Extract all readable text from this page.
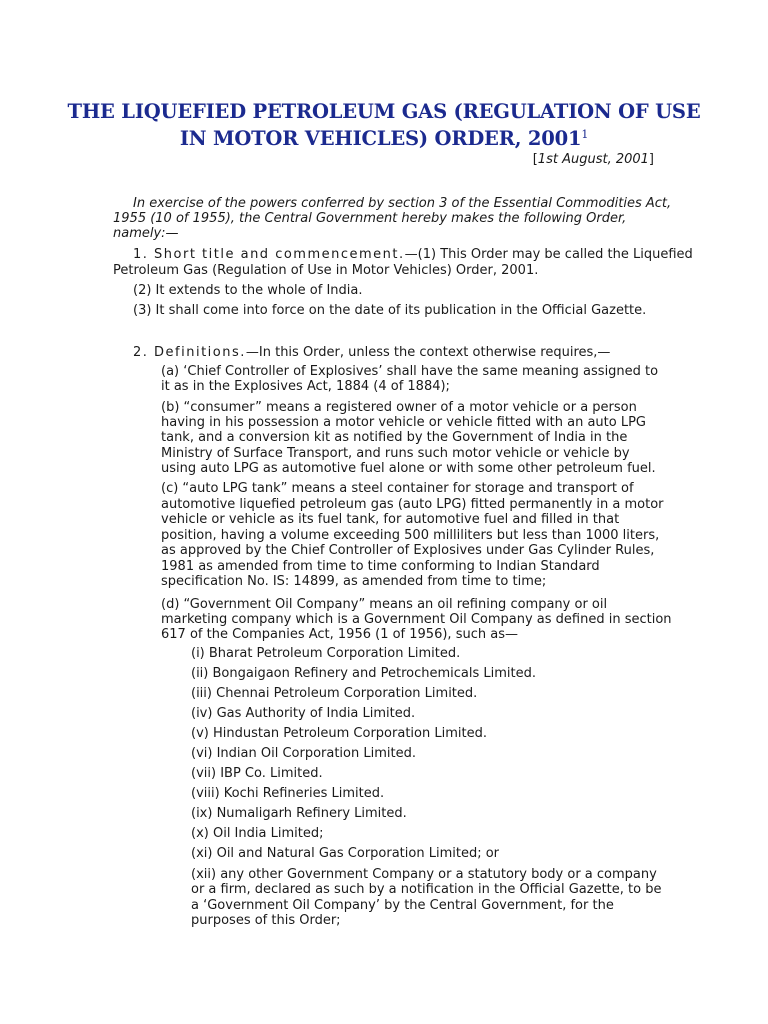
THE LIQUEFIED PETROLEUM GAS (REGULATION OF USE
IN MOTOR VEHICLES) ORDER, 2001$^1$
[1st August, 2001]
In exercise of the powers conferred by section 3 of the Essential Commodities Act,
1955 (10 of 1955), the Central Government hereby makes the following Order,
namely:—
1. Short title and commencement.—(1) This Order may be called the Liquefied
Petroleum Gas (Regulation of Use in Motor Vehicles) Order, 2001.
(2) It extends to the whole of India.
(3) It shall come into force on the date of its publication in the Official Gazette.
2. Definitions.—In this Order, unless the context otherwise requires,—
(a) ‘Chief Controller of Explosives’ shall have the same meaning assigned to
it as in the Explosives Act, 1884 (4 of 1884);
(b) “consumer” means a registered owner of a motor vehicle or a person
having in his possession a motor vehicle or vehicle fitted with an auto LPG
tank, and a conversion kit as notified by the Government of India in the
Ministry of Surface Transport, and runs such motor vehicle or vehicle by
using auto LPG as automotive fuel alone or with some other petroleum fuel.
(c) “auto LPG tank” means a steel container for storage and transport of
automotive liquefied petroleum gas (auto LPG) fitted permanently in a motor
vehicle or vehicle as its fuel tank, for automotive fuel and filled in that
position, having a volume exceeding 500 milliliters but less than 1000 liters,
as approved by the Chief Controller of Explosives under Gas Cylinder Rules,
1981 as amended from time to time conforming to Indian Standard
specification No. IS: 14899, as amended from time to time;
(d) “Government Oil Company” means an oil refining company or oil
marketing company which is a Government Oil Company as defined in section
617 of the Companies Act, 1956 (1 of 1956), such as—
(i) Bharat Petroleum Corporation Limited.
(ii) Bongaigaon Refinery and Petrochemicals Limited.
(iii) Chennai Petroleum Corporation Limited.
(iv) Gas Authority of India Limited.
(v) Hindustan Petroleum Corporation Limited.
(vi) Indian Oil Corporation Limited.
(vii) IBP Co. Limited.
(viii) Kochi Refineries Limited.
(ix) Numaligarh Refinery Limited.
(x) Oil India Limited;
(xi) Oil and Natural Gas Corporation Limited; or
(xii) any other Government Company or a statutory body or a company
or a firm, declared as such by a notification in the Official Gazette, to be
a ‘Government Oil Company’ by the Central Government, for the
purposes of this Order;
